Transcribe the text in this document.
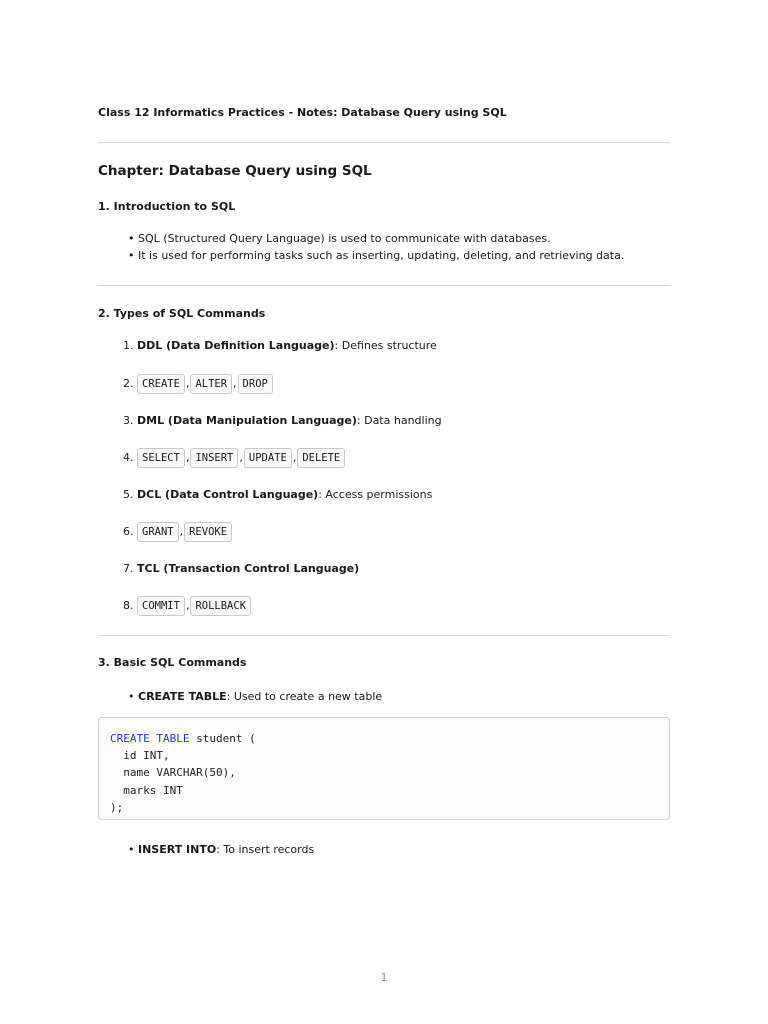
Class 12 Informatics Practices - Notes: Database Query using SQL
Chapter: Database Query using SQL
1. Introduction to SQL
• SQL (Structured Query Language) is used to communicate with databases.
• It is used for performing tasks such as inserting, updating, deleting, and retrieving data.
2. Types of SQL Commands
1. DDL (Data Definition Language): Defines structure
2. CREATE , ALTER , DROP
3. DML (Data Manipulation Language): Data handling
4. SELECT , INSERT , UPDATE , DELETE
5. DCL (Data Control Language): Access permissions
6. GRANT , REVOKE
7. TCL (Transaction Control Language)
8. COMMIT , ROLLBACK
3. Basic SQL Commands
• CREATE TABLE: Used to create a new table
CREATE TABLE student (
id INT,
name VARCHAR(50),
marks INT
);
• INSERT INTO: To insert records
1
